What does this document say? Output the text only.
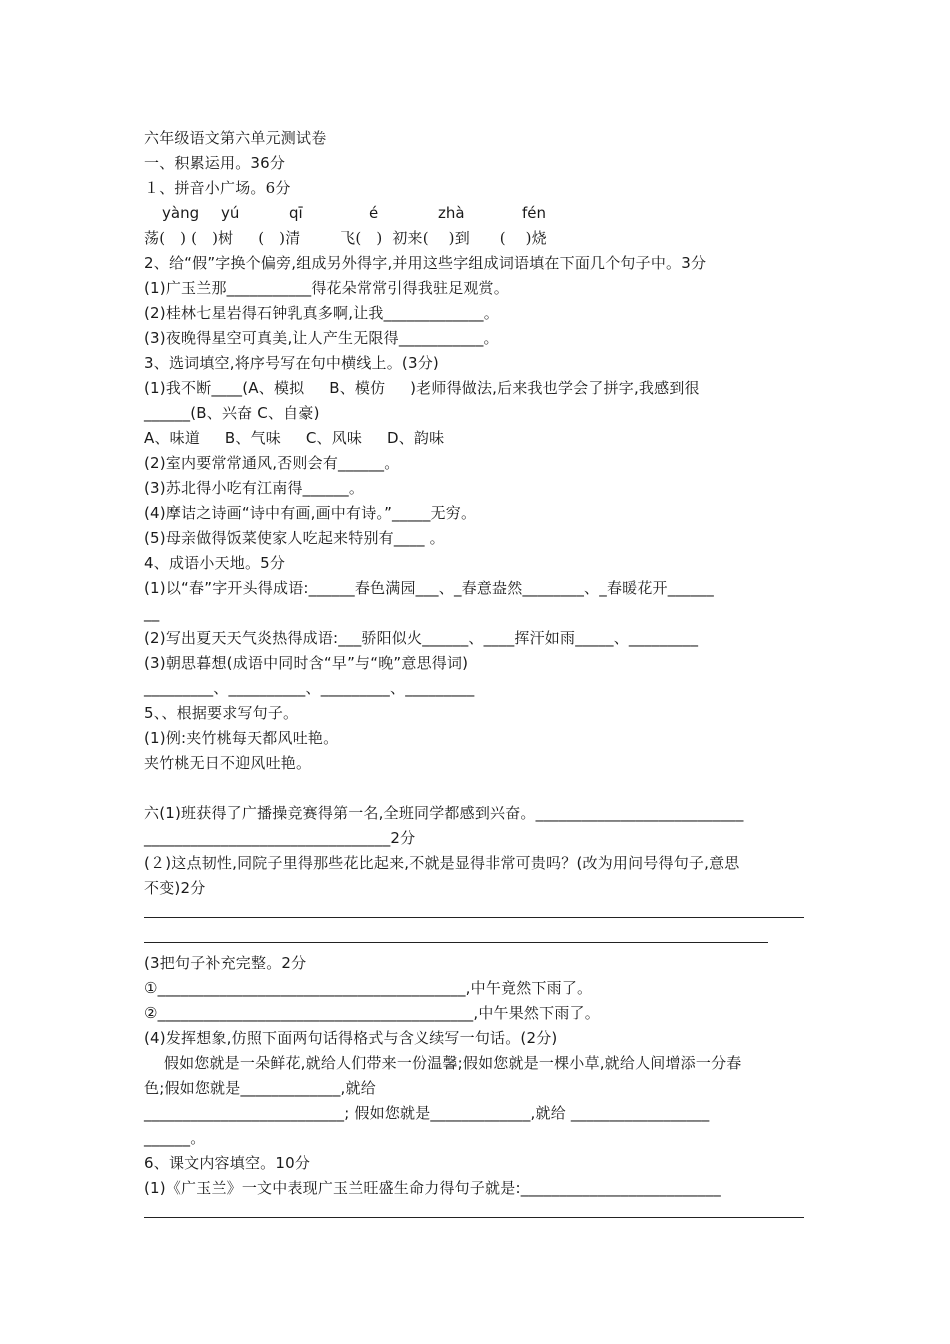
六年级语文第六单元测试卷
一、积累运用。36分
１、拼音小广场。6分
yàng yú	qī	é	zhà	fén
荡(   ) (   )树     (   )清        飞(   )  初来(    )到      (    )烧
2、给“假”字换个偏旁,组成另外得字,并用这些字组成词语填在下面几个句子中。3分
(1)广玉兰那___________得花朵常常引得我驻足观赏。
(2)桂林七星岩得石钟乳真多啊,让我_____________。
(3)夜晚得星空可真美,让人产生无限得___________。
3、选词填空,将序号写在句中横线上。(3分)
(1)我不断____(A、模拟     B、模仿     )老师得做法,后来我也学会了拼字,我感到很
______(B、兴奋 C、自豪)
A、味道     B、气味     C、风味     D、韵味
(2)室内要常常通风,否则会有______。
(3)苏北得小吃有江南得______。
(4)摩诘之诗画“诗中有画,画中有诗。”_____无穷。
(5)母亲做得饭菜使家人吃起来特别有____ 。
4、成语小天地。5分
(1)以“春”字开头得成语:______春色满园___、_春意盎然________、_春暖花开______
__
(2)写出夏天天气炎热得成语:___骄阳似火______、____挥汗如雨_____、_________
(3)朝思暮想(成语中同时含“早”与“晚”意思得词)
_________、__________、_________、_________
5、、根据要求写句子。
(1)例:夹竹桃每天都风吐艳。
夹竹桃无日不迎风吐艳。
六(1)班获得了广播操竞赛得第一名,全班同学都感到兴奋。___________________________
________________________________2分
(２)这点韧性,同院子里得那些花比起来,不就是显得非常可贵吗？(改为用问号得句子,意思
不变)2分
(3把句子补充完整。2分
①________________________________________,中午竟然下雨了。
②_________________________________________,中午果然下雨了。
(4)发挥想象,仿照下面两句话得格式与含义续写一句话。(2分)
假如您就是一朵鲜花,就给人们带来一份温馨;假如您就是一棵小草,就给人间增添一分春
色;假如您就是_____________,就给
__________________________; 假如您就是_____________,就给 __________________
______。
6、课文内容填空。10分
(1)《广玉兰》一文中表现广玉兰旺盛生命力得句子就是:__________________________
